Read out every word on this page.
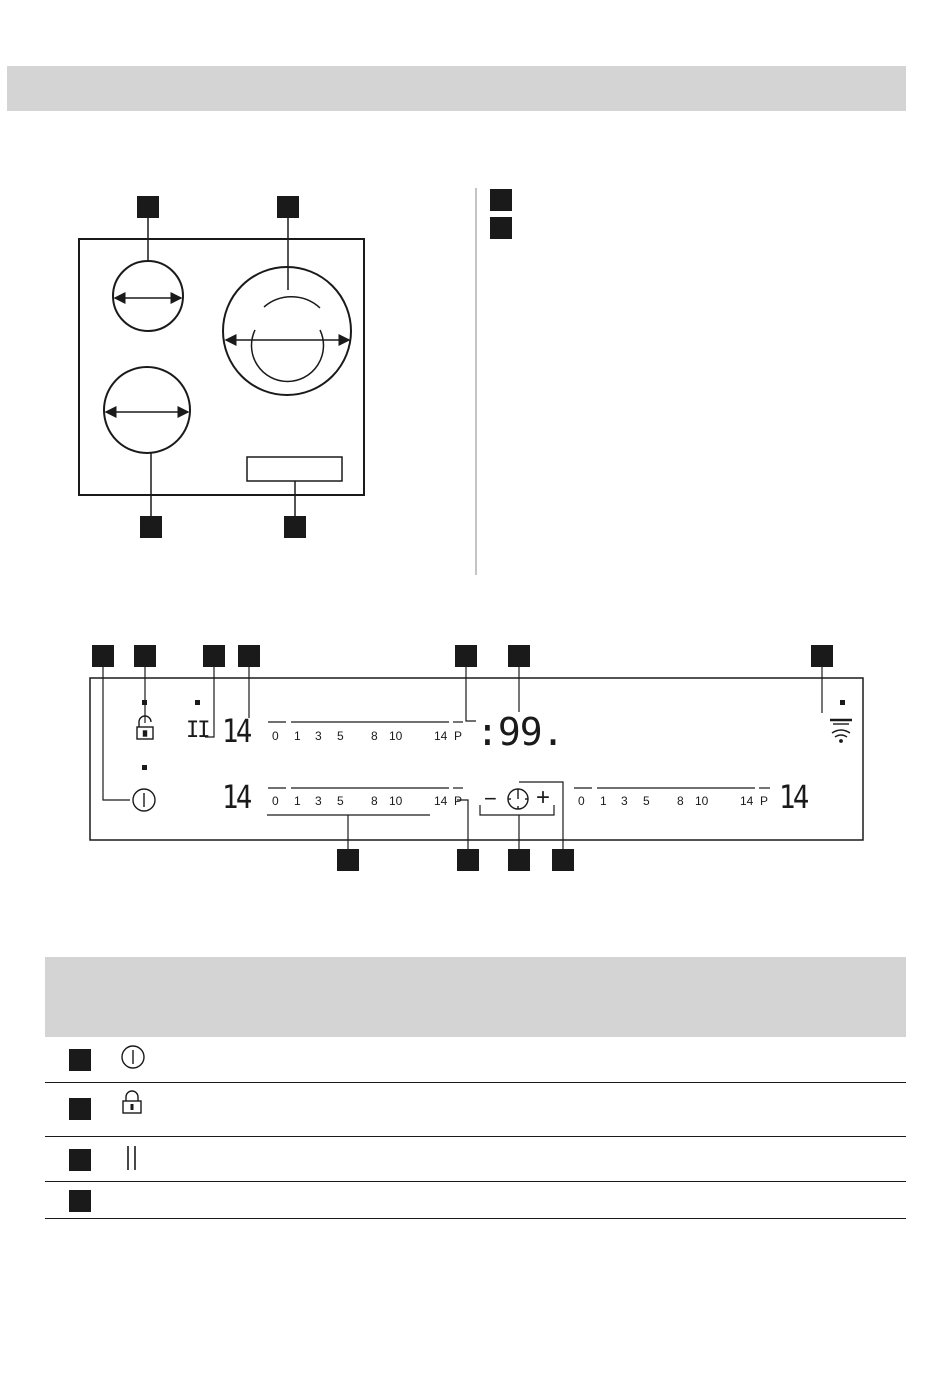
II 14
14	14
:99.
0 1 3 5 8 10	14 P
0 1 3 5 8 10	14 P	0 1 3 5 8 10	14 P
− +
